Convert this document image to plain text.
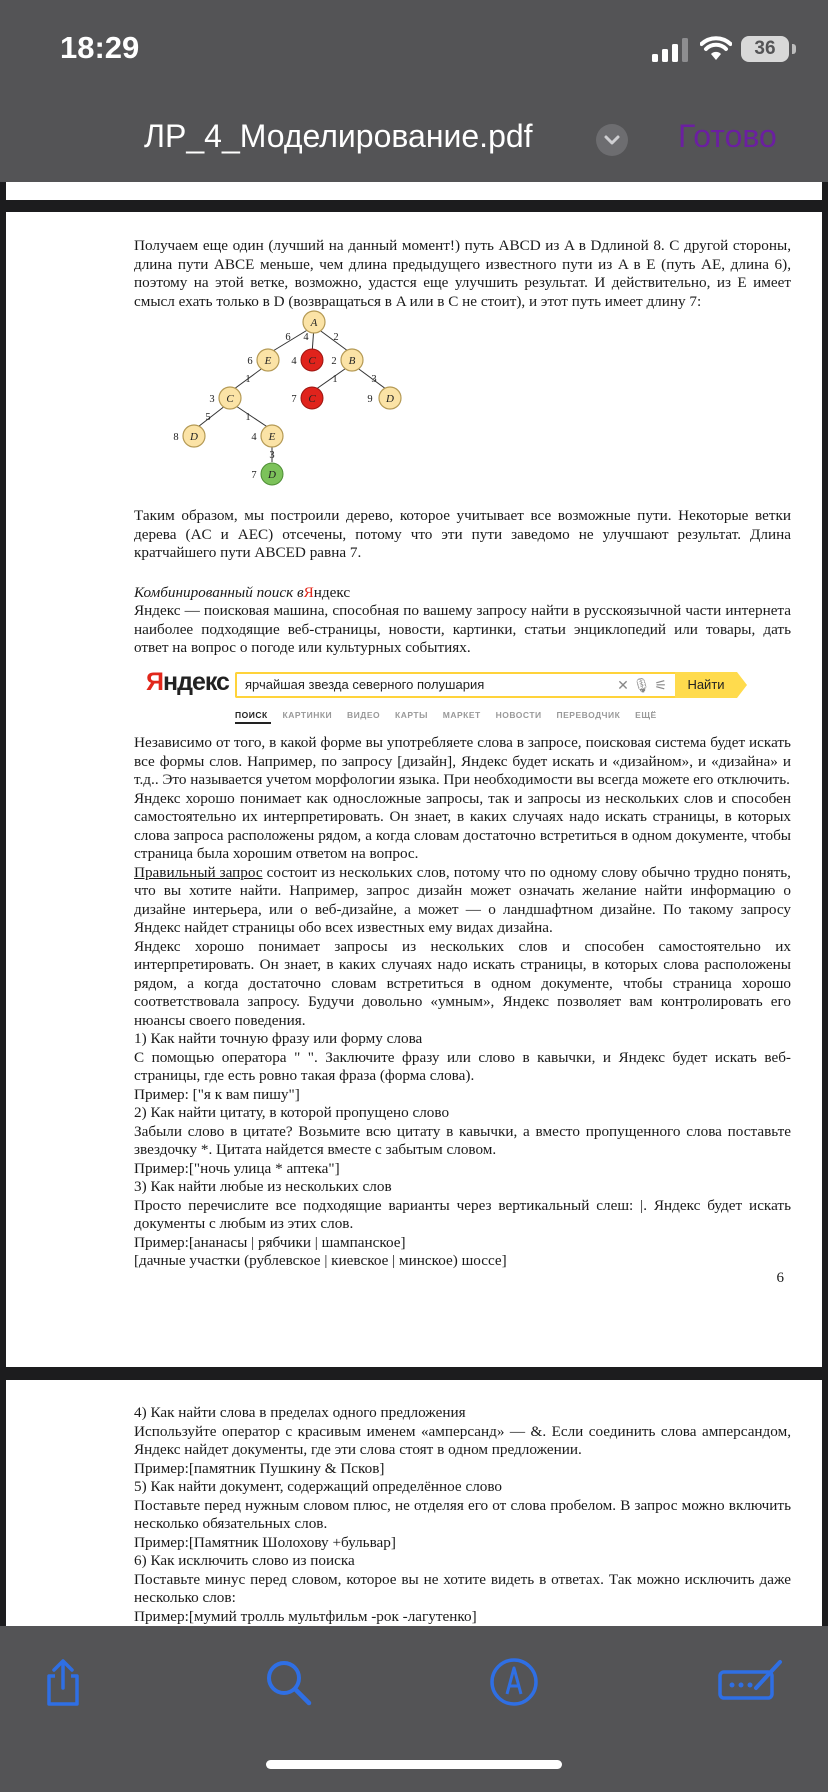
18:29	36
ЛР_4_Моделирование.pdf	Готово

Получаем еще один (лучший на данный момент!) путь ABCD из A в Dдлиной 8. С другой стороны, длина пути ABCE меньше, чем длина предыдущего известного пути из A в E (путь AE, длина 6), поэтому на этой ветке, возможно, удастся еще улучшить результат. И действительно, из E имеет смысл ехать только в D (возвращаться в A или в C не стоит), и этот путь имеет длину 7:

A
E	C	B
C	C	D
D	E
D
6 4 2
6	4	2
1	1	3
3	7	9
5	1
8	4
3
7

Таким образом, мы построили дерево, которое учитывает все возможные пути. Некоторые ветки дерева (AC и AEC) отсечены, потому что эти пути заведомо не улучшают результат. Длина кратчайшего пути ABCED равна 7.

Комбинированный поиск вЯндекс

Яндекс — поисковая машина, способная по вашему запросу найти в русскоязычной части интернета наиболее подходящие веб-страницы, новости, картинки, статьи энциклопедий или товары, дать ответ на вопрос о погоде или культурных событиях.

Яндекс	ярчайшая звезда северного полушария	✕ 🎙 ⚟	Найти
ПОИСК КАРТИНКИ ВИДЕО КАРТЫ МАРКЕТ НОВОСТИ ПЕРЕВОДЧИК ЕЩЁ

Независимо от того, в какой форме вы употребляете слова в запросе, поисковая система будет искать все формы слов. Например, по запросу [дизайн], Яндекс будет искать и «дизайном», и «дизайна» и т.д.. Это называется учетом морфологии языка. При необходимости вы всегда можете его отключить.

Яндекс хорошо понимает как односложные запросы, так и запросы из нескольких слов и способен самостоятельно их интерпретировать. Он знает, в каких случаях надо искать страницы, в которых слова запроса расположены рядом, а когда словам достаточно встретиться в одном документе, чтобы страница была хорошим ответом на вопрос.

Правильный запрос состоит из нескольких слов, потому что по одному слову обычно трудно понять, что вы хотите найти. Например, запрос дизайн может означать желание найти информацию о дизайне интерьера, или о веб-дизайне, а может — о ландшафтном дизайне. По такому запросу Яндекс найдет страницы обо всех известных ему видах дизайна.

Яндекс хорошо понимает запросы из нескольких слов и способен самостоятельно их интерпретировать. Он знает, в каких случаях надо искать страницы, в которых слова расположены рядом, а когда достаточно словам встретиться в одном документе, чтобы страница хорошо соответствовала запросу. Будучи довольно «умным», Яндекс позволяет вам контролировать его нюансы своего поведения.

1) Как найти точную фразу или форму слова

С помощью оператора " ". Заключите фразу или слово в кавычки, и Яндекс будет искать веб-страницы, где есть ровно такая фраза (форма слова).

Пример: ["я к вам пишу"]

2) Как найти цитату, в которой пропущено слово

Забыли слово в цитате? Возьмите всю цитату в кавычки, а вместо пропущенного слова поставьте звездочку *. Цитата найдется вместе с забытым словом.

Пример:["ночь улица * аптека"]

3) Как найти любые из нескольких слов

Просто перечислите все подходящие варианты через вертикальный слеш: |. Яндекс будет искать документы с любым из этих слов.

Пример:[ананасы | рябчики | шампанское]

[дачные участки (рублевское | киевское | минское) шоссе]

6

4) Как найти слова в пределах одного предложения

Используйте оператор с красивым именем «амперсанд» — &. Если соединить слова амперсандом, Яндекс найдет документы, где эти слова стоят в одном предложении.

Пример:[памятник Пушкину & Псков]

5) Как найти документ, содержащий определённое слово

Поставьте перед нужным словом плюс, не отделяя его от слова пробелом. В запрос можно включить несколько обязательных слов.

Пример:[Памятник Шолохову +бульвар]

6) Как исключить слово из поиска

Поставьте минус перед словом, которое вы не хотите видеть в ответах. Так можно исключить даже несколько слов:

Пример:[мумий тролль мультфильм -рок -лагутенко]
